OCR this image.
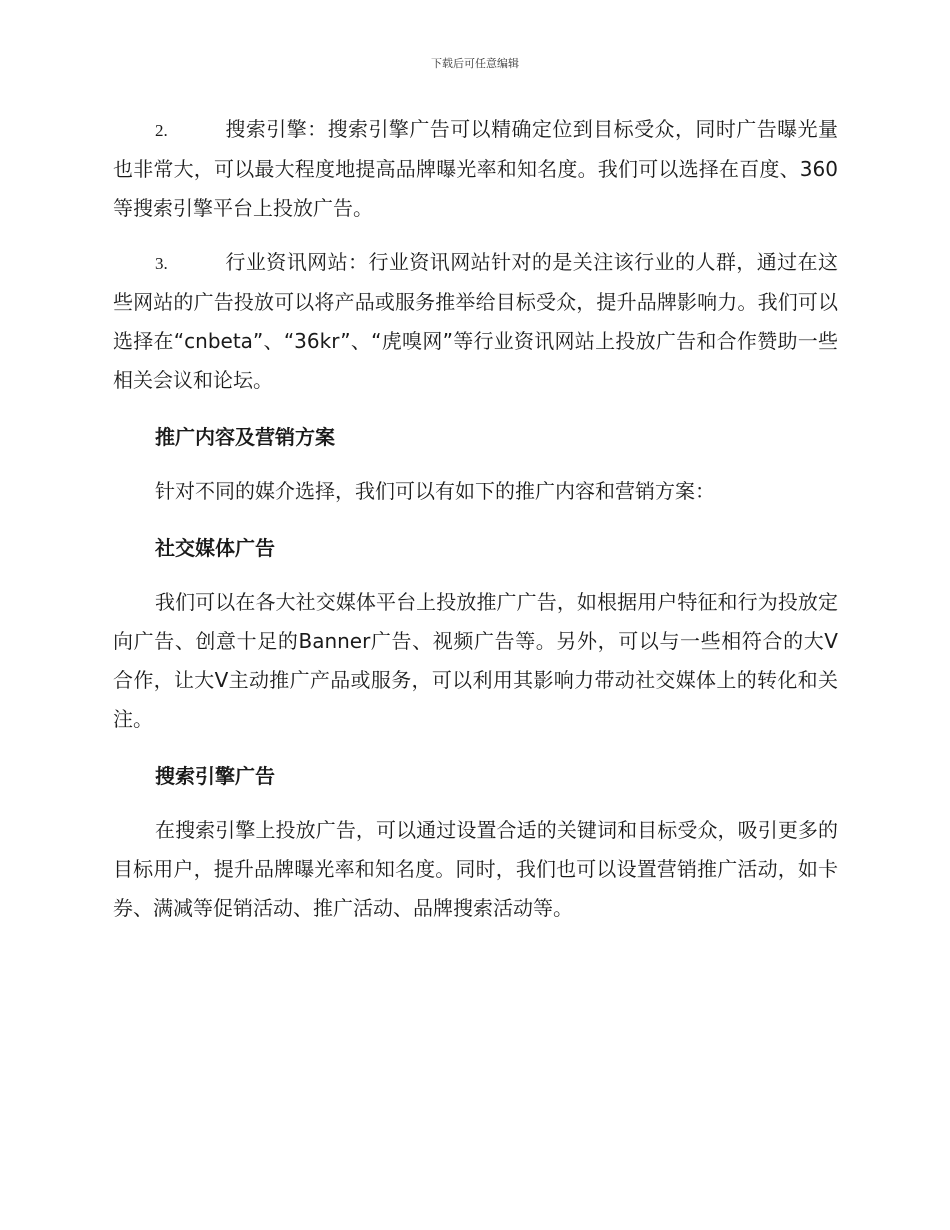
下载后可任意编辑

2.	搜索引擎：搜索引擎广告可以精确定位到目标受众，同时广告曝光量也非常大，可以最大程度地提高品牌曝光率和知名度。我们可以选择在百度、360等搜索引擎平台上投放广告。

3.	行业资讯网站：行业资讯网站针对的是关注该行业的人群，通过在这些网站的广告投放可以将产品或服务推举给目标受众，提升品牌影响力。我们可以选择在“cnbeta”、“36kr”、“虎嗅网”等行业资讯网站上投放广告和合作赞助一些相关会议和论坛。

推广内容及营销方案

针对不同的媒介选择，我们可以有如下的推广内容和营销方案：

社交媒体广告

我们可以在各大社交媒体平台上投放推广广告，如根据用户特征和行为投放定向广告、创意十足的Banner广告、视频广告等。另外，可以与一些相符合的大V合作，让大V主动推广产品或服务，可以利用其影响力带动社交媒体上的转化和关注。

搜索引擎广告

在搜索引擎上投放广告，可以通过设置合适的关键词和目标受众，吸引更多的目标用户，提升品牌曝光率和知名度。同时，我们也可以设置营销推广活动，如卡券、满减等促销活动、推广活动、品牌搜索活动等。
